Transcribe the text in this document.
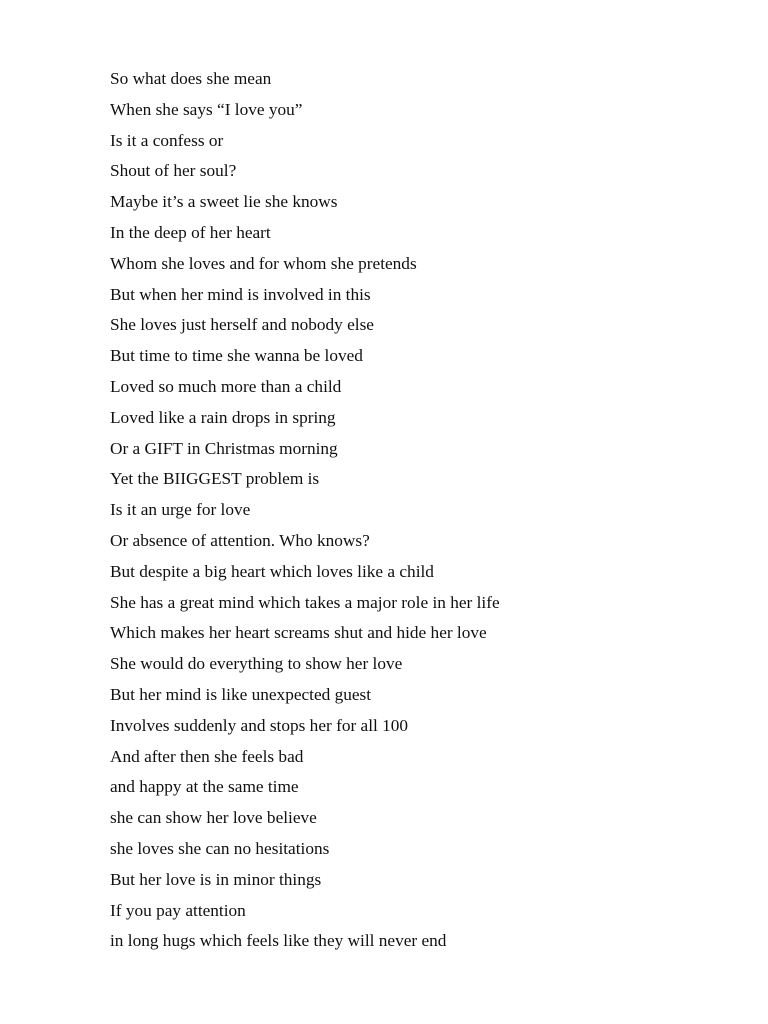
So what does she mean

When she says “I love you”

Is it a confess or

Shout of her soul?

Maybe it’s a sweet lie she knows

In the deep of her heart

Whom she loves and for whom she pretends

But when her mind is involved in this

She loves just herself and nobody else

But time to time she wanna be loved

Loved so much more than a child

Loved like a rain drops in spring

Or a GIFT in Christmas morning

Yet the BIIGGEST problem is

Is it an urge for love

Or absence of attention. Who knows?

But despite a big heart which loves like a child

She has a great mind which takes a major role in her life

Which makes her heart screams shut and hide her love

She would do everything to show her love

But her mind is like unexpected guest

Involves suddenly and stops her for all 100

And after then she feels bad

and happy at the same time

she can show her love believe

she loves she can no hesitations

But her love is in minor things

If you pay attention

in long hugs which feels like they will never end
